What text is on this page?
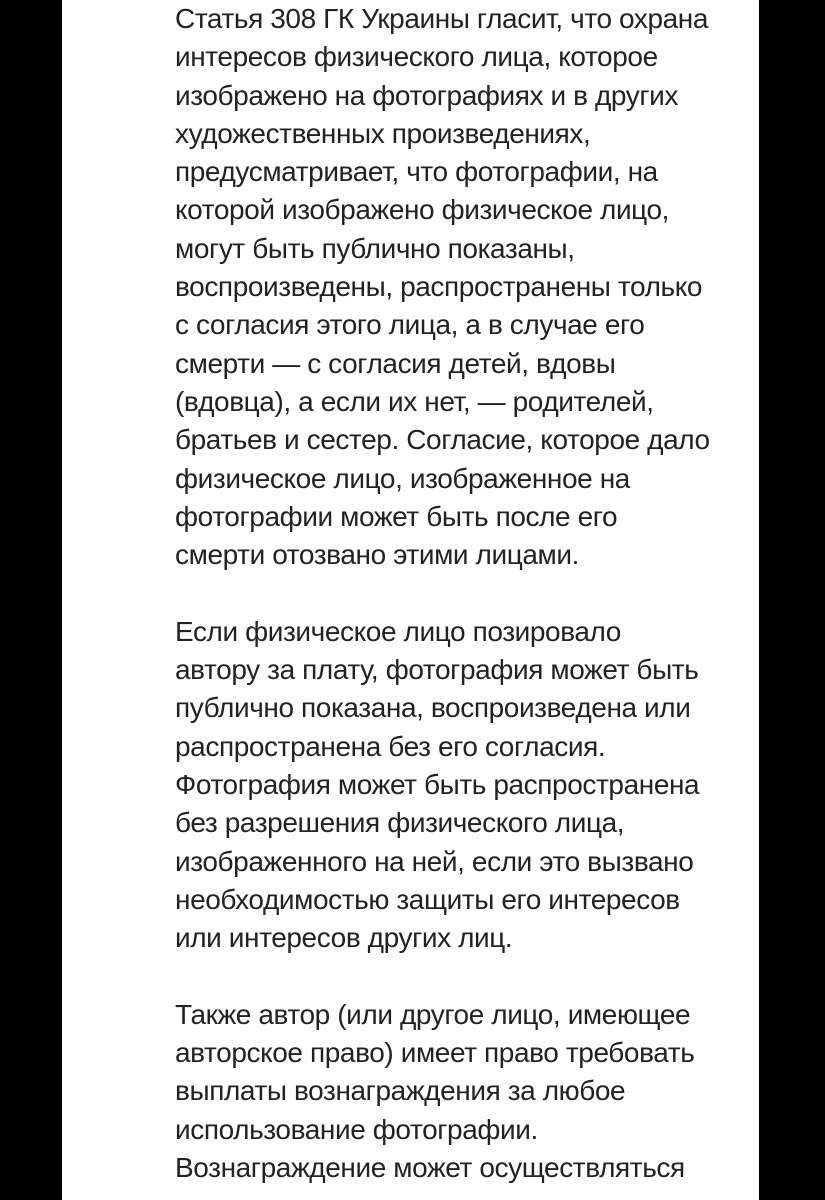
Статья 308 ГК Украины гласит, что охрана
интересов физического лица, которое
изображено на фотографиях и в других
художественных произведениях,
предусматривает, что фотографии, на
которой изображено физическое лицо,
могут быть публично показаны,
воспроизведены, распространены только
с согласия этого лица, а в случае его
смерти — с согласия детей, вдовы
(вдовца), а если их нет, — родителей,
братьев и сестер. Согласие, которое дало
физическое лицо, изображенное на
фотографии может быть после его
смерти отозвано этими лицами.

Если физическое лицо позировало
автору за плату, фотография может быть
публично показана, воспроизведена или
распространена без его согласия.
Фотография может быть распространена
без разрешения физического лица,
изображенного на ней, если это вызвано
необходимостью защиты его интересов
или интересов других лиц.

Также автор (или другое лицо, имеющее
авторское право) имеет право требовать
выплаты вознаграждения за любое
использование фотографии.
Вознаграждение может осуществляться
